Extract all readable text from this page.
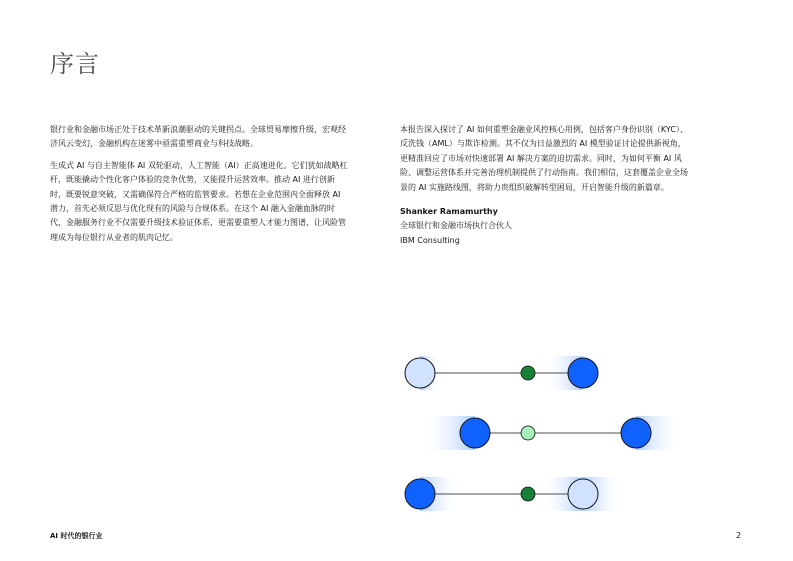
序言

银行业和金融市场正处于技术革新浪潮驱动的关键拐点。全球贸易摩擦升级，宏观经济风云变幻，金融机构在迷雾中亟需重塑商业与科技战略。

生成式 AI 与自主智能体 AI 双轮驱动，人工智能（AI）正高速进化。它们犹如战略杠杆，既能撬动个性化客户体验的竞争优势，又能提升运营效率。推动 AI 进行创新时，既要锐意突破，又需确保符合严格的监管要求。若想在企业范围内全面释放 AI 潜力，首先必须反思与优化现有的风险与合规体系。在这个 AI 融入金融血脉的时代，金融服务行业不仅需要升级技术验证体系，更需要重塑人才能力图谱，让风险管理成为每位银行从业者的肌肉记忆。

本报告深入探讨了 AI 如何重塑金融业风控核心用例，包括客户身份识别（KYC）、反洗钱（AML）与欺诈检测。其不仅为日益激烈的 AI 模型验证讨论提供新视角，更精准回应了市场对快速部署 AI 解决方案的迫切需求。同时，为如何平衡 AI 风险、调整运营体系并完善治理机制提供了行动指南。我们相信，这套覆盖企业全场景的 AI 实施路线图，将助力贵组织破解转型困局，开启智能升级的新篇章。

Shanker Ramamurthy
全球银行和金融市场执行合伙人
IBM Consulting
AI 时代的银行业	2
